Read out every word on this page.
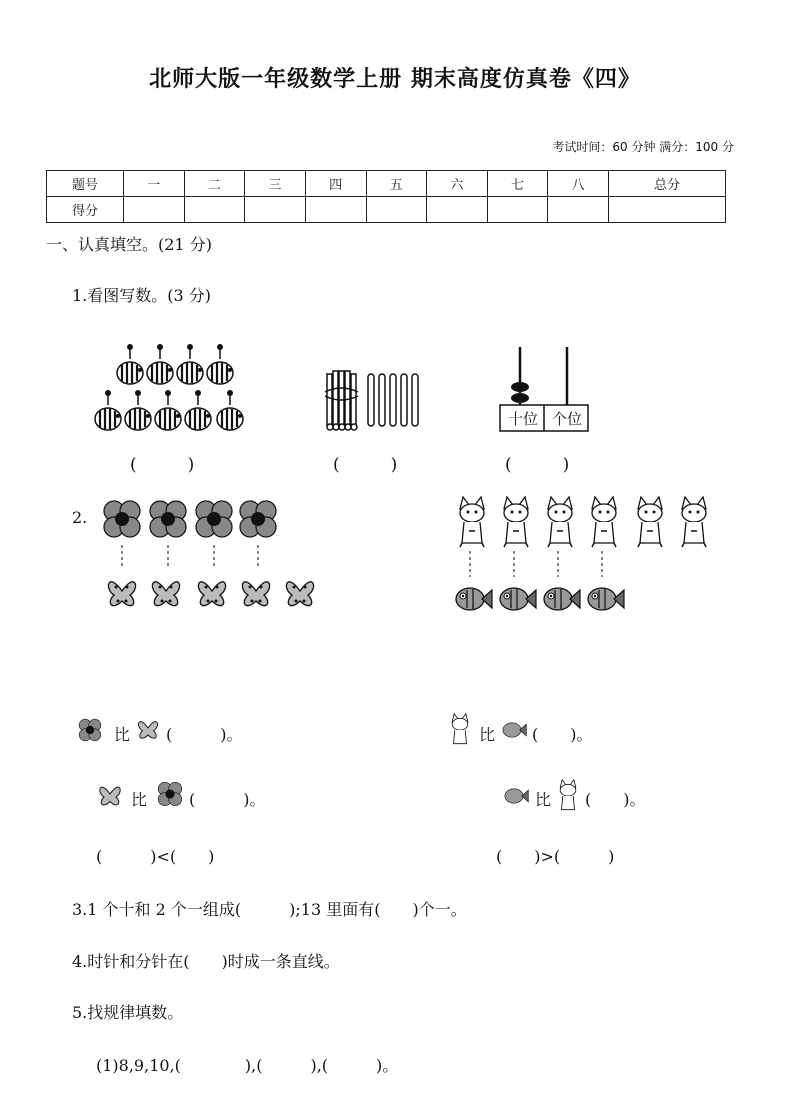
北师大版一年级数学上册 期末高度仿真卷《四》
考试时间：60 分钟 满分：100 分
题号	一	二	三	四	五	六	七	八	总分
得分									
一、认真填空。(21 分)
1.看图写数。(3 分)
十位 个位
(　　　)	(　　　)	(　　　)
2.
比 (　　　)。	比 (　　)。
比	(　　　)。	比 (　　)。
(　　　)<(　　)	(　　)>(　　　)
3.1 个十和 2 个一组成(　　　);13 里面有(　　)个一。
4.时针和分针在(　　)时成一条直线。
5.找规律填数。
(1)8,9,10,(　　　　),(　　　),(　　　)。
